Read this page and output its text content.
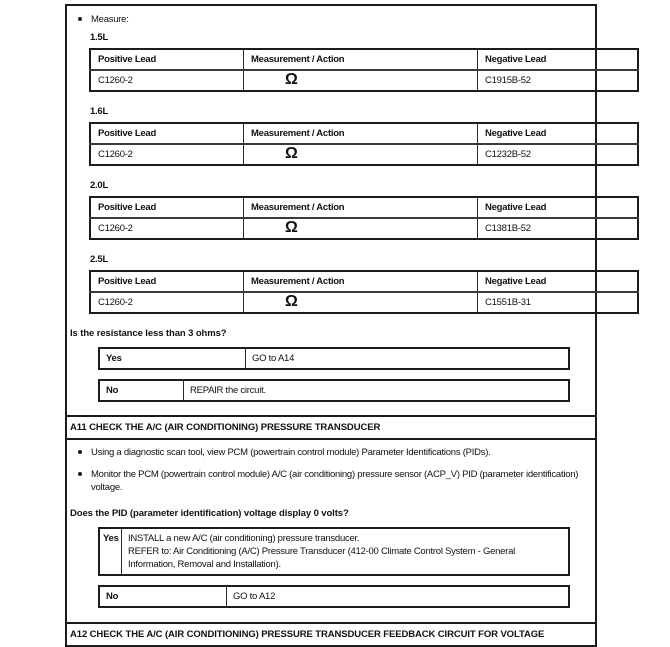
Measure:
1.5L
Positive Lead	Measurement / Action	Negative Lead
C1260-2	Ω	C1915B-52
1.6L
Positive Lead	Measurement / Action	Negative Lead
C1260-2	Ω	C1232B-52
2.0L
Positive Lead	Measurement / Action	Negative Lead
C1260-2	Ω	C1381B-52
2.5L
Positive Lead	Measurement / Action	Negative Lead
C1260-2	Ω	C1551B-31
Is the resistance less than 3 ohms?
Yes	GO to A14
No	REPAIR the circuit.
A11 CHECK THE A/C (AIR CONDITIONING) PRESSURE TRANSDUCER
Using a diagnostic scan tool, view PCM (powertrain control module) Parameter Identifications (PIDs).
Monitor the PCM (powertrain control module) A/C (air conditioning) pressure sensor (ACP_V) PID (parameter identification) voltage.
Does the PID (parameter identification) voltage display 0 volts?
Yes INSTALL a new A/C (air conditioning) pressure transducer.
REFER to: Air Conditioning (A/C) Pressure Transducer (412-00 Climate Control System - General Information, Removal and Installation).
No	GO to A12
A12 CHECK THE A/C (AIR CONDITIONING) PRESSURE TRANSDUCER FEEDBACK CIRCUIT FOR VOLTAGE
